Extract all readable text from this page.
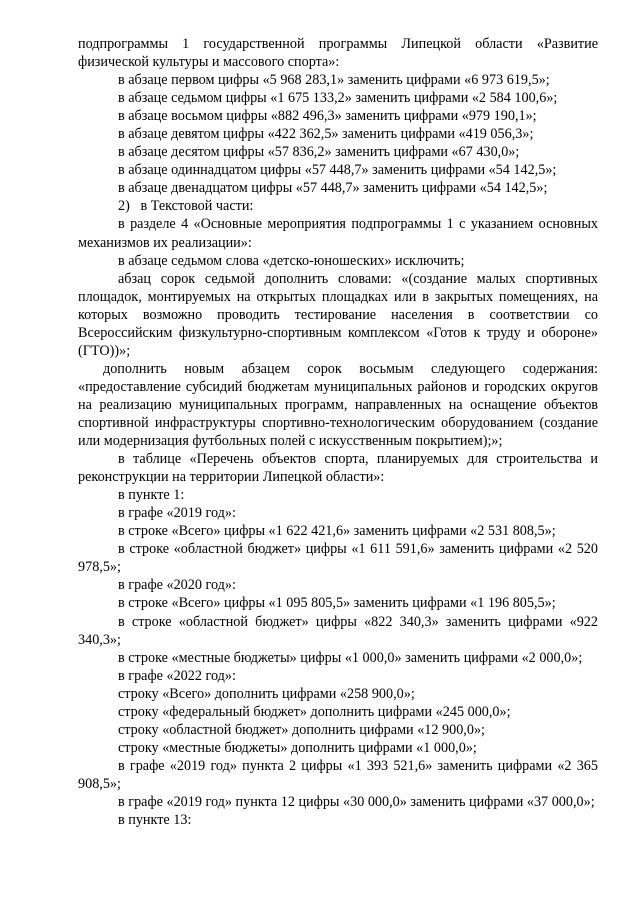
подпрограммы 1 государственной программы Липецкой области «Развитие физической культуры и массового спорта»:

в абзаце первом цифры «5 968 283,1» заменить цифрами «6 973 619,5»;

в абзаце седьмом цифры «1 675 133,2» заменить цифрами «2 584 100,6»;

в абзаце восьмом цифры «882 496,3» заменить цифрами «979 190,1»;

в абзаце девятом цифры «422 362,5» заменить цифрами «419 056,3»;

в абзаце десятом цифры «57 836,2» заменить цифрами «67 430,0»;

в абзаце одиннадцатом цифры «57 448,7» заменить цифрами «54 142,5»;

в абзаце двенадцатом цифры «57 448,7» заменить цифрами «54 142,5»;

2)   в Текстовой части:

в разделе 4 «Основные мероприятия подпрограммы 1 с указанием основных механизмов их реализации»:

в абзаце седьмом слова «детско-юношеских» исключить;

абзац сорок седьмой дополнить словами: «(создание малых спортивных площадок, монтируемых на открытых площадках или в закрытых помещениях, на которых возможно проводить тестирование населения в соответствии со Всероссийским физкультурно-спортивным комплексом «Готов к труду и обороне» (ГТО))»;

дополнить новым абзацем сорок восьмым следующего содержания: «предоставление субсидий бюджетам муниципальных районов и городских округов на реализацию муниципальных программ, направленных на оснащение объектов спортивной инфраструктуры спортивно-технологическим оборудованием (создание или модернизация футбольных полей с искусственным покрытием);»;

в таблице «Перечень объектов спорта, планируемых для строительства и реконструкции на территории Липецкой области»:

в пункте 1:

в графе «2019 год»:

в строке «Всего» цифры «1 622 421,6» заменить цифрами «2 531 808,5»;

в строке «областной бюджет» цифры «1 611 591,6» заменить цифрами «2 520 978,5»;

в графе «2020 год»:

в строке «Всего» цифры «1 095 805,5» заменить цифрами «1 196 805,5»;

в строке «областной бюджет» цифры «822 340,3» заменить цифрами «922 340,3»;

в строке «местные бюджеты» цифры «1 000,0» заменить цифрами «2 000,0»;

в графе «2022 год»:

строку «Всего» дополнить цифрами «258 900,0»;

строку «федеральный бюджет» дополнить цифрами «245 000,0»;

строку «областной бюджет» дополнить цифрами «12 900,0»;

строку «местные бюджеты» дополнить цифрами «1 000,0»;

в графе «2019 год» пункта 2 цифры «1 393 521,6» заменить цифрами «2 365 908,5»;

в графе «2019 год» пункта 12 цифры «30 000,0» заменить цифрами «37 000,0»;

в пункте 13:
